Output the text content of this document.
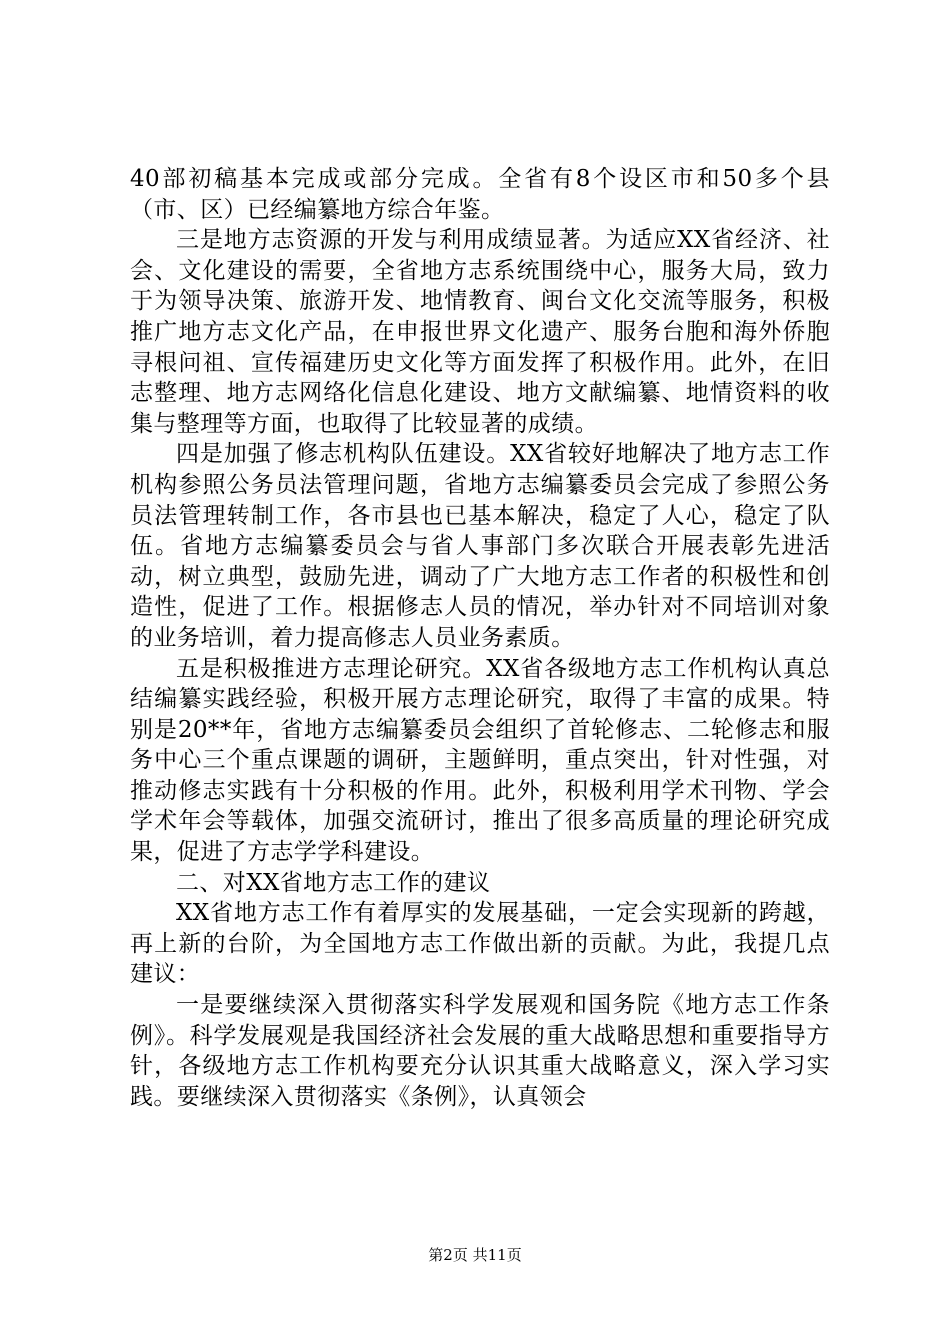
40部初稿基本完成或部分完成。全省有8个设区市和50多个县（市、区）已经编纂地方综合年鉴。

三是地方志资源的开发与利用成绩显著。为适应XX省经济、社会、文化建设的需要，全省地方志系统围绕中心，服务大局，致力于为领导决策、旅游开发、地情教育、闽台文化交流等服务，积极推广地方志文化产品，在申报世界文化遗产、服务台胞和海外侨胞寻根问祖、宣传福建历史文化等方面发挥了积极作用。此外，在旧志整理、地方志网络化信息化建设、地方文献编纂、地情资料的收集与整理等方面，也取得了比较显著的成绩。

四是加强了修志机构队伍建设。XX省较好地解决了地方志工作机构参照公务员法管理问题，省地方志编纂委员会完成了参照公务员法管理转制工作，各市县也已基本解决，稳定了人心，稳定了队伍。省地方志编纂委员会与省人事部门多次联合开展表彰先进活动，树立典型，鼓励先进，调动了广大地方志工作者的积极性和创造性，促进了工作。根据修志人员的情况，举办针对不同培训对象的业务培训，着力提高修志人员业务素质。

五是积极推进方志理论研究。XX省各级地方志工作机构认真总结编纂实践经验，积极开展方志理论研究，取得了丰富的成果。特别是20**年，省地方志编纂委员会组织了首轮修志、二轮修志和服务中心三个重点课题的调研，主题鲜明，重点突出，针对性强，对推动修志实践有十分积极的作用。此外，积极利用学术刊物、学会学术年会等载体，加强交流研讨，推出了很多高质量的理论研究成果，促进了方志学学科建设。

二、对XX省地方志工作的建议

XX省地方志工作有着厚实的发展基础，一定会实现新的跨越，再上新的台阶，为全国地方志工作做出新的贡献。为此，我提几点建议：

一是要继续深入贯彻落实科学发展观和国务院《地方志工作条例》。科学发展观是我国经济社会发展的重大战略思想和重要指导方针，各级地方志工作机构要充分认识其重大战略意义，深入学习实践。要继续深入贯彻落实《条例》，认真领会

第2页 共11页
